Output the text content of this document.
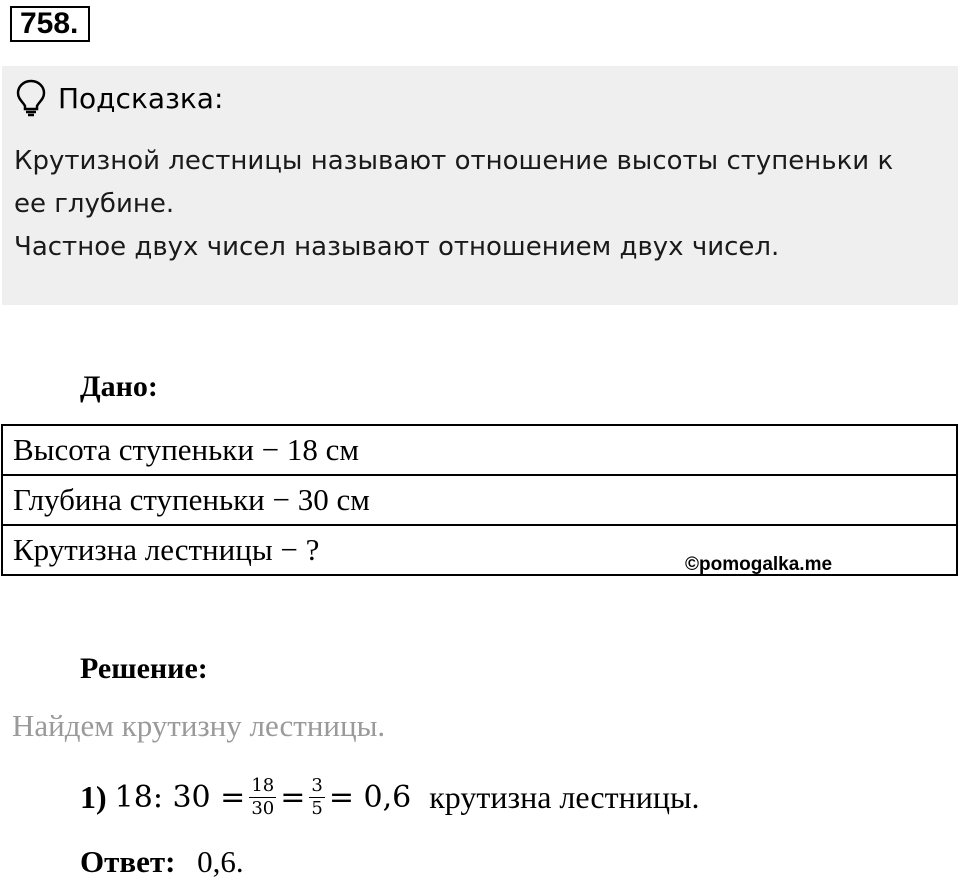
758.
Подсказка:

Крутизной лестницы называют отношение высоты ступеньки к

ее глубине.

Частное двух чисел называют отношением двух чисел.

Дано:
Высота ступеньки − 18 см
Глубина ступеньки − 30 см
Крутизна лестницы − ?	©pomogalka.me
Решение:
Найдем крутизну лестницы.
1) 18: $30 = \frac{18}{30} = \frac{3}{5} = 0,6$ крутизна лестницы.
Ответ: 0,6.
